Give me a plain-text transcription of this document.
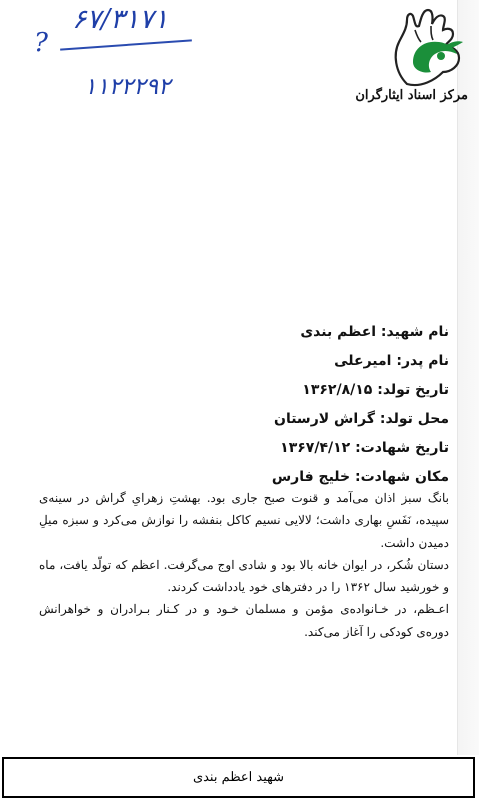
۶۷/۳۱۷۱
?
۱۱۲۲۲۹۲	مرکز اسناد ایثارگران
نام شهید: اعظم بندی
نام پدر: امیرعلی
تاریخ تولد: ۱۳۶۲/۸/۱۵
محل تولد: گراش لارستان
تاریخ شهادت: ۱۳۶۷/۴/۱۲
مکان شهادت: خلیج فارس

بانگ سبز اذان می‌آمد و قنوت صبح جاری بود. بهشتِ زهرایِ گراش در سینه‌ی سپیده، نَفَسِ بهاری داشت؛ لالایی نسیم کاکل بنفشه را نوازش می‌کرد و سبزه میلِ دمیدن داشت.

دستان شُکر، در ایوان خانه بالا بود و شادی اوج می‌گرفت. اعظم که تولّد یافت، ماه و خورشید سال ۱۳۶۲ را در دفترهای خود یادداشت کردند.

اعـظم، در خـانواده‌ی مؤمن و مسلمان خـود و در کـنار بـرادران و خواهرانش دوره‌ی کودکی را آغاز می‌کند.

شهید اعظم بندی
